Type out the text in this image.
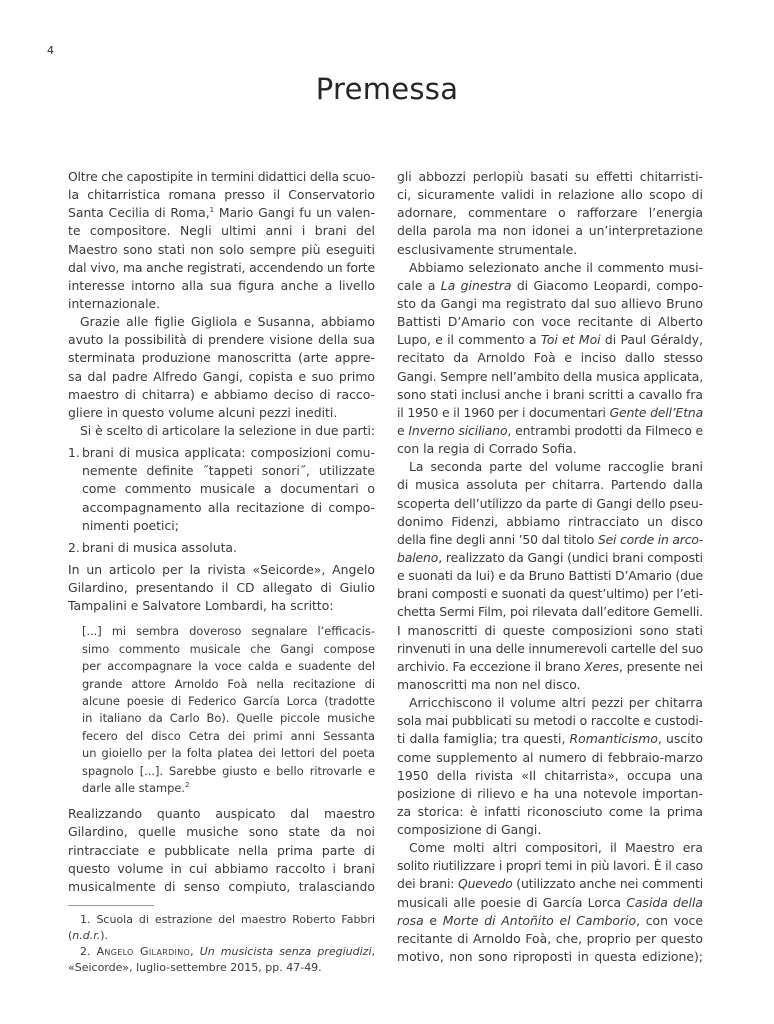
4
Premessa
Oltre che capostipite in termini didattici della scuo-
la chitarristica romana presso il Conservatorio
Santa Cecilia di Roma,$^1$ Mario Gangi fu un valen-
te compositore. Negli ultimi anni i brani del
Maestro sono stati non solo sempre più eseguiti
dal vivo, ma anche registrati, accendendo un forte
interesse intorno alla sua figura anche a livello
internazionale.
Grazie alle figlie Gigliola e Susanna, abbiamo
avuto la possibilità di prendere visione della sua
sterminata produzione manoscritta (arte appre-
sa dal padre Alfredo Gangi, copista e suo primo
maestro di chitarra) e abbiamo deciso di racco-
gliere in questo volume alcuni pezzi inediti.
Si è scelto di articolare la selezione in due parti:
1. brani di musica applicata: composizioni comu-
nemente definite ˝tappeti sonori˝, utilizzate
come commento musicale a documentari o
accompagnamento alla recitazione di compo-
nimenti poetici;
2. brani di musica assoluta.
In un articolo per la rivista «Seicorde», Angelo
Gilardino, presentando il CD allegato di Giulio
Tampalini e Salvatore Lombardi, ha scritto:
[...] mi sembra doveroso segnalare l’efficacis-
simo commento musicale che Gangi compose
per accompagnare la voce calda e suadente del
grande attore Arnoldo Foà nella recitazione di
alcune poesie di Federico García Lorca (tradotte
in italiano da Carlo Bo). Quelle piccole musiche
fecero del disco Cetra dei primi anni Sessanta
un gioiello per la folta platea dei lettori del poeta
spagnolo [...]. Sarebbe giusto e bello ritrovarle e
darle alle stampe.$^2$
Realizzando quanto auspicato dal maestro
Gilardino, quelle musiche sono state da noi
rintracciate e pubblicate nella prima parte di
questo volume in cui abbiamo raccolto i brani
musicalmente di senso compiuto, tralasciando
1. Scuola di estrazione del maestro Roberto Fabbri
(n.d.r.).
2. Angelo Gilardino, Un musicista senza pregiudizi,
«Seicorde», luglio-settembre 2015, pp. 47-49.
gli abbozzi perlopiù basati su effetti chitarristi-
ci, sicuramente validi in relazione allo scopo di
adornare, commentare o rafforzare l’energia
della parola ma non idonei a un’interpretazione
esclusivamente strumentale.
Abbiamo selezionato anche il commento musi-
cale a La ginestra di Giacomo Leopardi, compo-
sto da Gangi ma registrato dal suo allievo Bruno
Battisti D’Amario con voce recitante di Alberto
Lupo, e il commento a Toi et Moi di Paul Géraldy,
recitato da Arnoldo Foà e inciso dallo stesso
Gangi. Sempre nell’ambito della musica applicata,
sono stati inclusi anche i brani scritti a cavallo fra
il 1950 e il 1960 per i documentari Gente dell’Etna
e Inverno siciliano, entrambi prodotti da Filmeco e
con la regia di Corrado Sofia.
La seconda parte del volume raccoglie brani
di musica assoluta per chitarra. Partendo dalla
scoperta dell’utilizzo da parte di Gangi dello pseu-
donimo Fidenzi, abbiamo rintracciato un disco
della fine degli anni ’50 dal titolo Sei corde in arco-
baleno, realizzato da Gangi (undici brani composti
e suonati da lui) e da Bruno Battisti D’Amario (due
brani composti e suonati da quest’ultimo) per l’eti-
chetta Sermi Film, poi rilevata dall’editore Gemelli.
I manoscritti di queste composizioni sono stati
rinvenuti in una delle innumerevoli cartelle del suo
archivio. Fa eccezione il brano Xeres, presente nei
manoscritti ma non nel disco.
Arricchiscono il volume altri pezzi per chitarra
sola mai pubblicati su metodi o raccolte e custodi-
ti dalla famiglia; tra questi, Romanticismo, uscito
come supplemento al numero di febbraio-marzo
1950 della rivista «Il chitarrista», occupa una
posizione di rilievo e ha una notevole importan-
za storica: è infatti riconosciuto come la prima
composizione di Gangi.
Come molti altri compositori, il Maestro era
solito riutilizzare i propri temi in più lavori. È il caso
dei brani: Quevedo (utilizzato anche nei commenti
musicali alle poesie di García Lorca Casida della
rosa e Morte di Antoñito el Camborio, con voce
recitante di Arnoldo Foà, che, proprio per questo
motivo, non sono riproposti in questa edizione);
